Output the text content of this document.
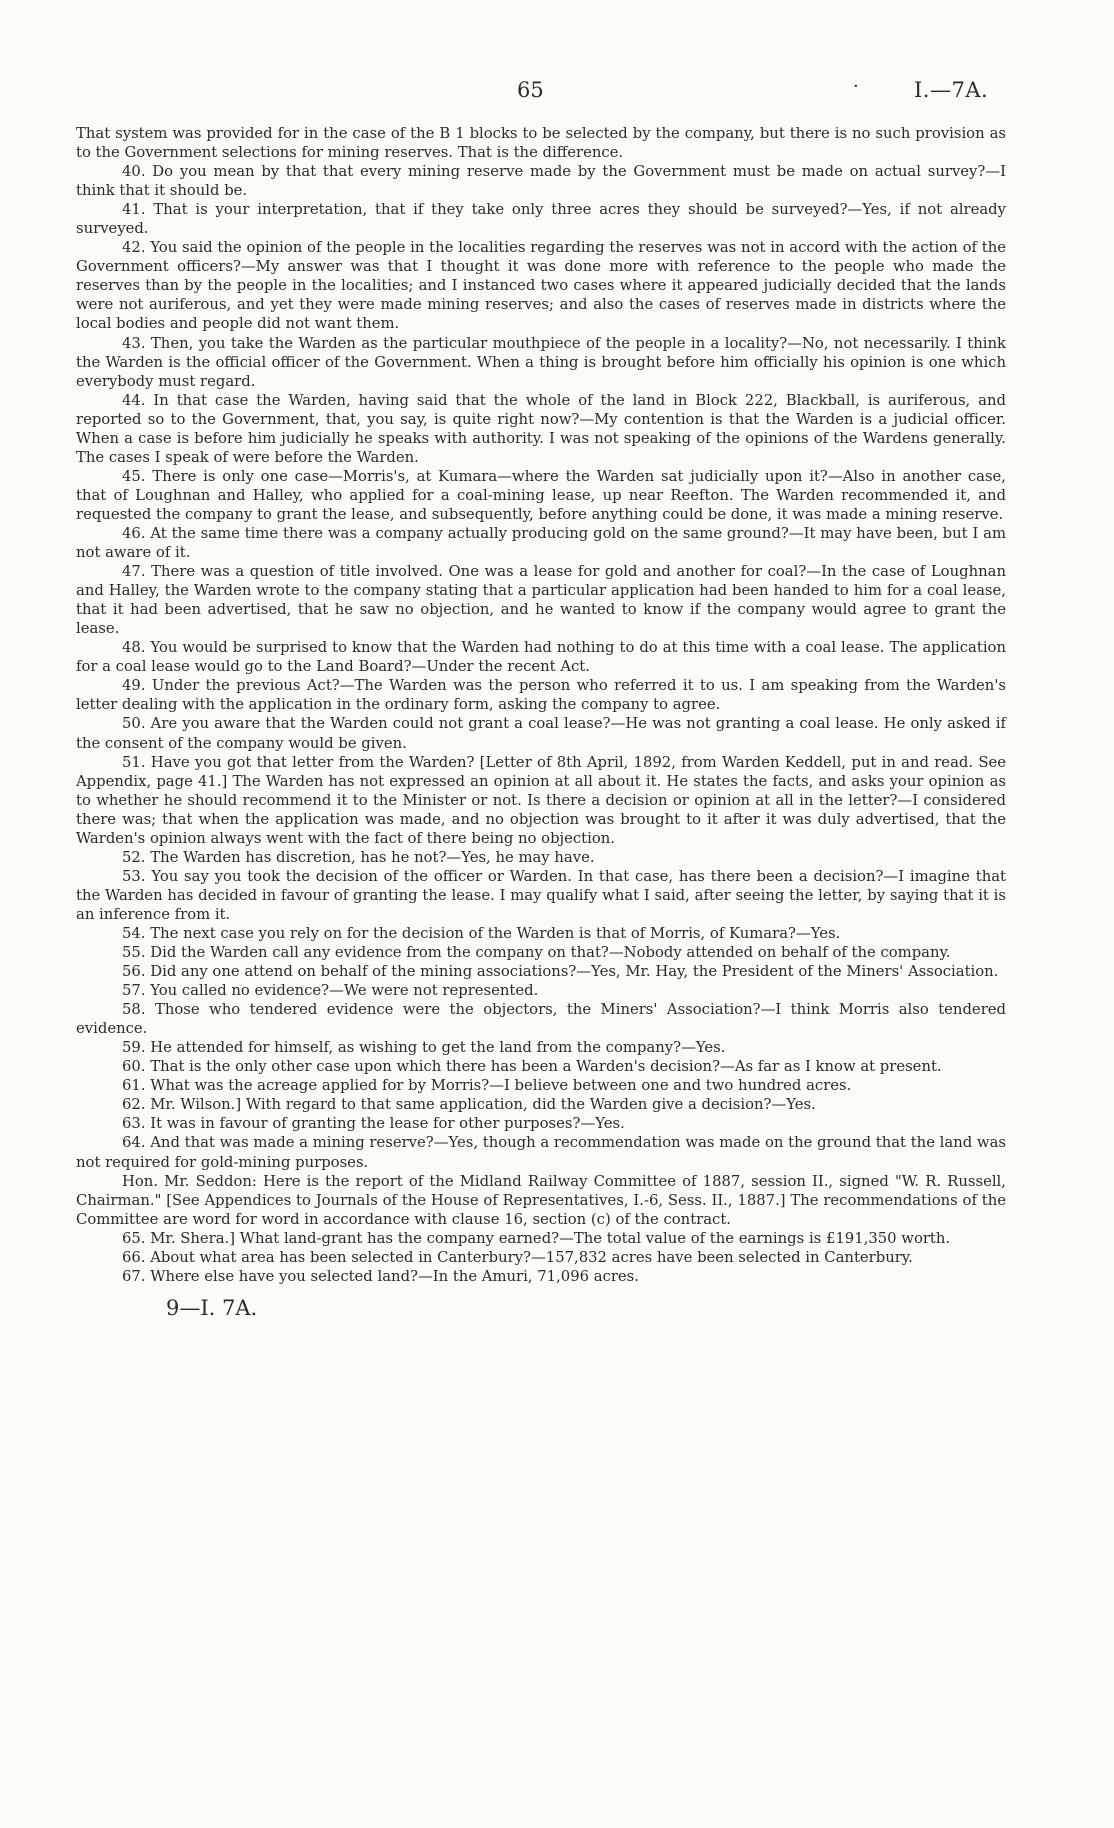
65	·	I.—7A.

That system was provided for in the case of the B 1 blocks to be selected by the company, but there is no such provision as to the Government selections for mining reserves. That is the difference.

40. Do you mean by that that every mining reserve made by the Government must be made on actual survey?—I think that it should be.

41. That is your interpretation, that if they take only three acres they should be surveyed?—Yes, if not already surveyed.

42. You said the opinion of the people in the localities regarding the reserves was not in accord with the action of the Government officers?—My answer was that I thought it was done more with reference to the people who made the reserves than by the people in the localities; and I instanced two cases where it appeared judicially decided that the lands were not auriferous, and yet they were made mining reserves; and also the cases of reserves made in districts where the local bodies and people did not want them.

43. Then, you take the Warden as the particular mouthpiece of the people in a locality?—No, not necessarily. I think the Warden is the official officer of the Government. When a thing is brought before him officially his opinion is one which everybody must regard.

44. In that case the Warden, having said that the whole of the land in Block 222, Blackball, is auriferous, and reported so to the Government, that, you say, is quite right now?—My contention is that the Warden is a judicial officer. When a case is before him judicially he speaks with authority. I was not speaking of the opinions of the Wardens generally. The cases I speak of were before the Warden.

45. There is only one case—Morris's, at Kumara—where the Warden sat judicially upon it?—Also in another case, that of Loughnan and Halley, who applied for a coal-mining lease, up near Reefton. The Warden recommended it, and requested the company to grant the lease, and subsequently, before anything could be done, it was made a mining reserve.

46. At the same time there was a company actually producing gold on the same ground?—It may have been, but I am not aware of it.

47. There was a question of title involved. One was a lease for gold and another for coal?—In the case of Loughnan and Halley, the Warden wrote to the company stating that a particular application had been handed to him for a coal lease, that it had been advertised, that he saw no objection, and he wanted to know if the company would agree to grant the lease.

48. You would be surprised to know that the Warden had nothing to do at this time with a coal lease. The application for a coal lease would go to the Land Board?—Under the recent Act.

49. Under the previous Act?—The Warden was the person who referred it to us. I am speaking from the Warden's letter dealing with the application in the ordinary form, asking the company to agree.

50. Are you aware that the Warden could not grant a coal lease?—He was not granting a coal lease. He only asked if the consent of the company would be given.

51. Have you got that letter from the Warden? [Letter of 8th April, 1892, from Warden Keddell, put in and read. See Appendix, page 41.] The Warden has not expressed an opinion at all about it. He states the facts, and asks your opinion as to whether he should recommend it to the Minister or not. Is there a decision or opinion at all in the letter?—I considered there was; that when the application was made, and no objection was brought to it after it was duly advertised, that the Warden's opinion always went with the fact of there being no objection.

52. The Warden has discretion, has he not?—Yes, he may have.

53. You say you took the decision of the officer or Warden. In that case, has there been a decision?—I imagine that the Warden has decided in favour of granting the lease. I may qualify what I said, after seeing the letter, by saying that it is an inference from it.

54. The next case you rely on for the decision of the Warden is that of Morris, of Kumara?—Yes.

55. Did the Warden call any evidence from the company on that?—Nobody attended on behalf of the company.

56. Did any one attend on behalf of the mining associations?—Yes, Mr. Hay, the President of the Miners' Association.

57. You called no evidence?—We were not represented.

58. Those who tendered evidence were the objectors, the Miners' Association?—I think Morris also tendered evidence.

59. He attended for himself, as wishing to get the land from the company?—Yes.

60. That is the only other case upon which there has been a Warden's decision?—As far as I know at present.

61. What was the acreage applied for by Morris?—I believe between one and two hundred acres.

62. Mr. Wilson.] With regard to that same application, did the Warden give a decision?—Yes.

63. It was in favour of granting the lease for other purposes?—Yes.

64. And that was made a mining reserve?—Yes, though a recommendation was made on the ground that the land was not required for gold-mining purposes.

Hon. Mr. Seddon: Here is the report of the Midland Railway Committee of 1887, session II., signed "W. R. Russell, Chairman." [See Appendices to Journals of the House of Representatives, I.-6, Sess. II., 1887.] The recommendations of the Committee are word for word in accordance with clause 16, section (c) of the contract.

65. Mr. Shera.] What land-grant has the company earned?—The total value of the earnings is £191,350 worth.

66. About what area has been selected in Canterbury?—157,832 acres have been selected in Canterbury.

67. Where else have you selected land?—In the Amuri, 71,096 acres.

9—I. 7A.
